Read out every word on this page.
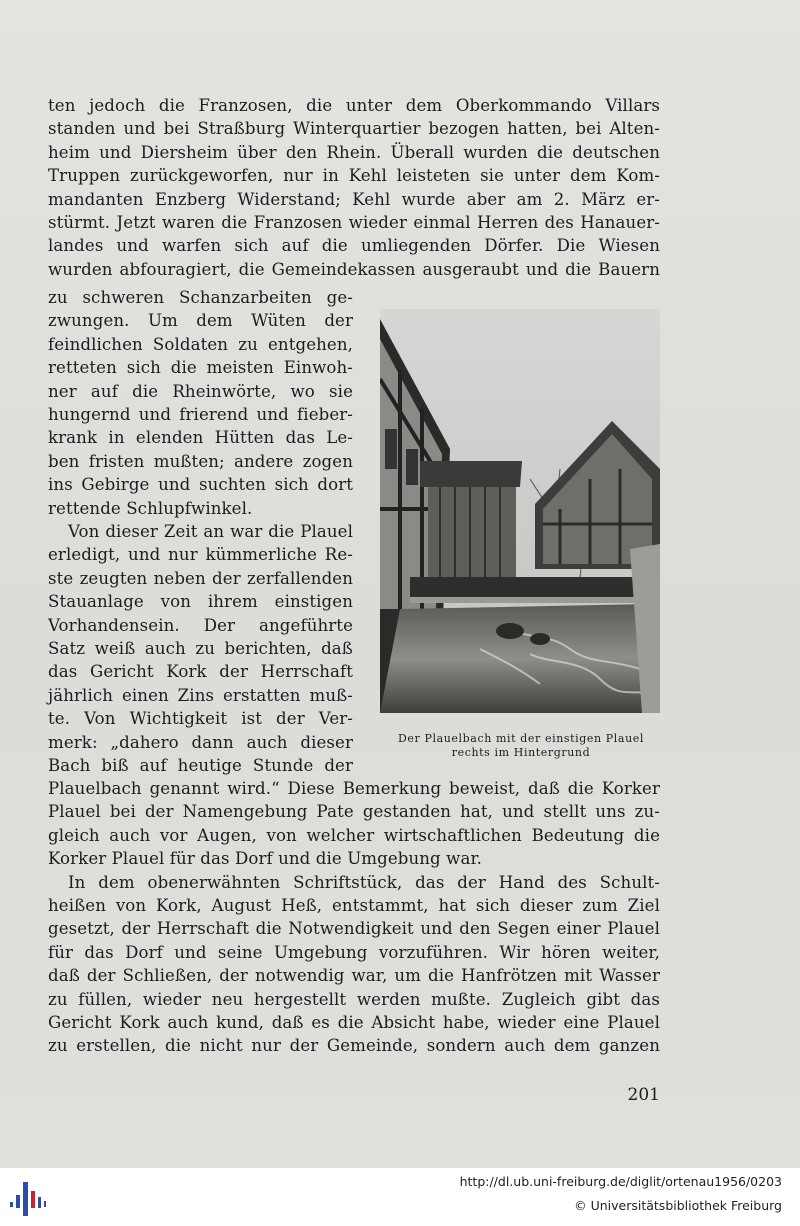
ten jedoch die Franzosen, die unter dem Oberkommando Villars
standen und bei Straßburg Winterquartier bezogen hatten, bei Alten-
heim und Diersheim über den Rhein. Überall wurden die deutschen
Truppen zurückgeworfen, nur in Kehl leisteten sie unter dem Kom-
mandanten Enzberg Widerstand; Kehl wurde aber am 2. März er-
stürmt. Jetzt waren die Franzosen wieder einmal Herren des Hanauer-
landes und warfen sich auf die umliegenden Dörfer. Die Wiesen
wurden abfouragiert, die Gemeindekassen ausgeraubt und die Bauern
zu schweren Schanzarbeiten ge-
zwungen. Um dem Wüten der
feindlichen Soldaten zu entgehen,
retteten sich die meisten Einwoh-
ner auf die Rheinwörte, wo sie
hungernd und frierend und fieber-
krank in elenden Hütten das Le-
ben fristen mußten; andere zogen
ins Gebirge und suchten sich dort
rettende Schlupfwinkel.
Von dieser Zeit an war die Plauel
erledigt, und nur kümmerliche Re-
ste zeugten neben der zerfallenden
Stauanlage von ihrem einstigen
Vorhandensein. Der angeführte
Satz weiß auch zu berichten, daß
das Gericht Kork der Herrschaft
jährlich einen Zins erstatten muß-
te. Von Wichtigkeit ist der Ver-
merk: „dahero dann auch dieser
Bach biß auf heutige Stunde der
Der Plauelbach mit der einstigen Plauel
rechts im Hintergrund
Plauelbach genannt wird.“ Diese Bemerkung beweist, daß die Korker
Plauel bei der Namengebung Pate gestanden hat, und stellt uns zu-
gleich auch vor Augen, von welcher wirtschaftlichen Bedeutung die
Korker Plauel für das Dorf und die Umgebung war.
In dem obenerwähnten Schriftstück, das der Hand des Schult-
heißen von Kork, August Heß, entstammt, hat sich dieser zum Ziel
gesetzt, der Herrschaft die Notwendigkeit und den Segen einer Plauel
für das Dorf und seine Umgebung vorzuführen. Wir hören weiter,
daß der Schließen, der notwendig war, um die Hanfrötzen mit Wasser
zu füllen, wieder neu hergestellt werden mußte. Zugleich gibt das
Gericht Kork auch kund, daß es die Absicht habe, wieder eine Plauel
zu erstellen, die nicht nur der Gemeinde, sondern auch dem ganzen
201
http://dl.ub.uni-freiburg.de/diglit/ortenau1956/0203
© Universitätsbibliothek Freiburg
